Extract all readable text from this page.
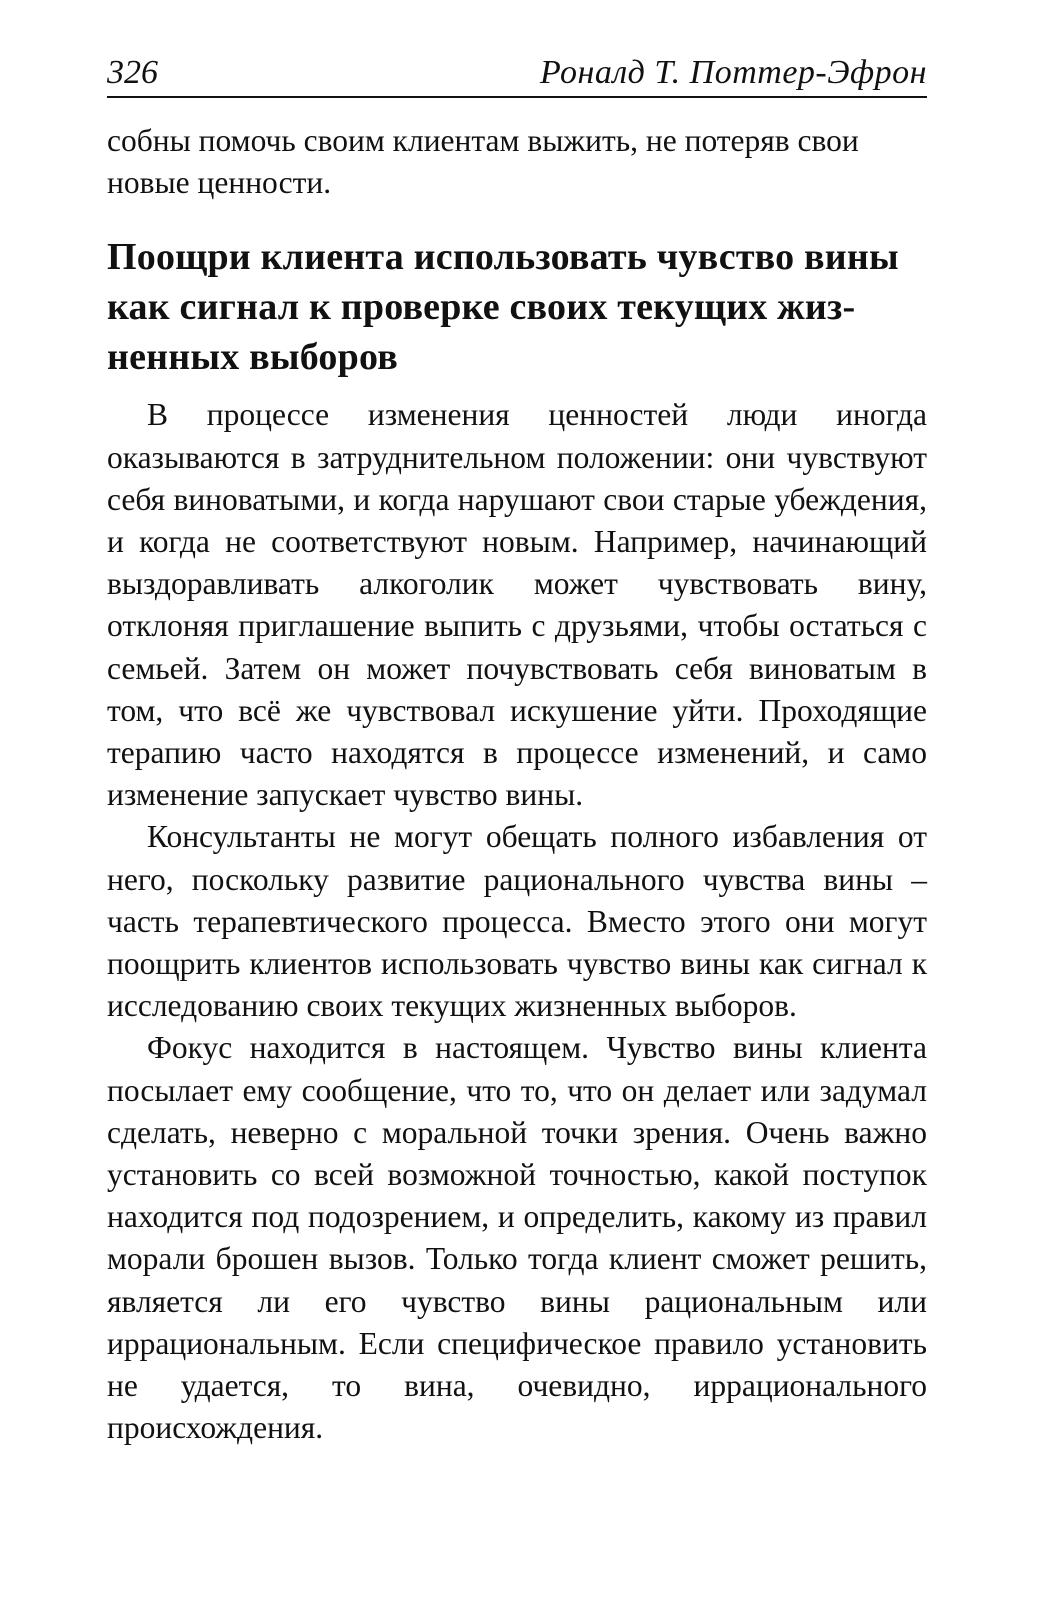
326	Роналд Т. Поттер-Эфрон

собны помочь своим клиентам выжить, не потеряв свои новые ценности.

Поощри клиента использовать чувство вины как сигнал к проверке своих текущих жизненных выборов

В процессе изменения ценностей люди иногда оказываются в затруднительном положении: они чувствуют себя виноватыми, и когда нарушают свои старые убеждения, и когда не соответствуют новым. Например, начинающий выздоравливать алкоголик может чувствовать вину, отклоняя приглашение выпить с друзьями, чтобы остаться с семьей. Затем он может почувствовать себя виноватым в том, что всё же чувствовал искушение уйти. Проходящие терапию часто находятся в процессе изменений, и само изменение запускает чувство вины.

Консультанты не могут обещать полного избавления от него, поскольку развитие рационального чувства вины – часть терапевтического процесса. Вместо этого они могут поощрить клиентов использовать чувство вины как сигнал к исследованию своих текущих жизненных выборов.

Фокус находится в настоящем. Чувство вины клиента посылает ему сообщение, что то, что он делает или задумал сделать, неверно с моральной точки зрения. Очень важно установить со всей возможной точностью, какой поступок находится под подозрением, и определить, какому из правил морали брошен вызов. Только тогда клиент сможет решить, является ли его чувство вины рациональным или иррациональным. Если специфическое правило установить не удается, то вина, очевидно, иррационального происхождения.
